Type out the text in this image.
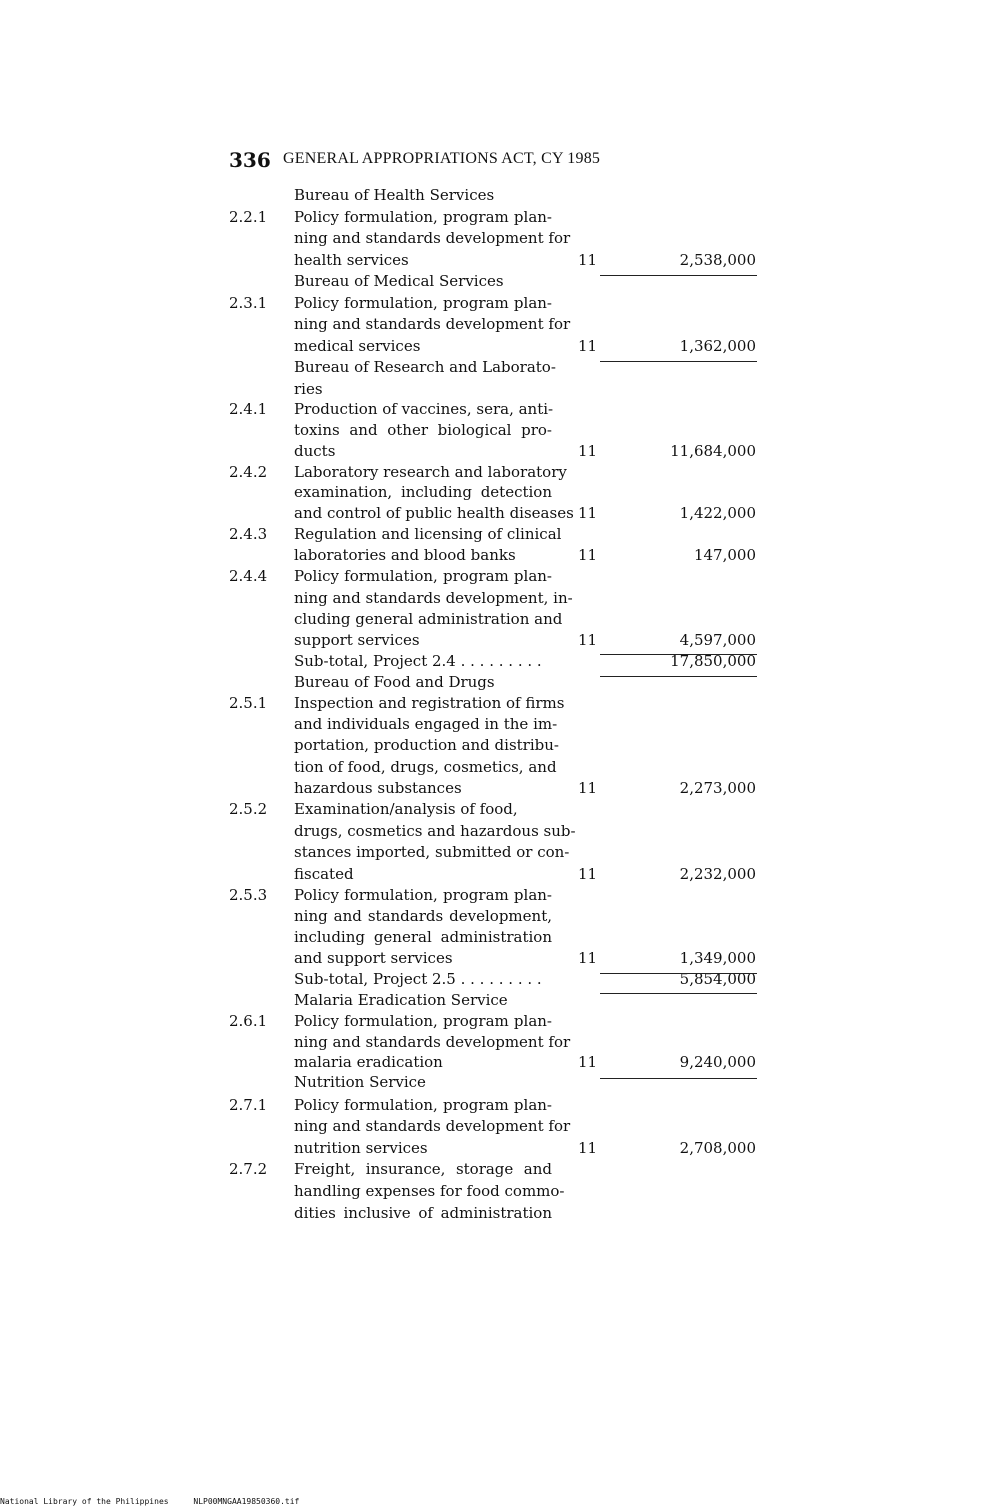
336 GENERAL APPROPRIATIONS ACT, CY 1985
Bureau of Health Services
2.2.1 Policy formulation, program plan-
ning and standards development for
health services	11	2,538,000
Bureau of Medical Services
2.3.1 Policy formulation, program plan-
ning and standards development for
medical services	11	1,362,000
Bureau of Research and Laborato-
ries
2.4.1 Production of vaccines, sera, anti-
toxins and other biological pro-
ducts	11	11,684,000
2.4.2 Laboratory research and laboratory
examination, including detection
and control of public health diseases 11	1,422,000
2.4.3 Regulation and licensing of clinical
laboratories and blood banks	11	147,000
2.4.4 Policy formulation, program plan-
ning and standards development, in-
cluding general administration and
support services	11	4,597,000
Sub-total, Project 2.4 . . . . . . . . .	17,850,000
Bureau of Food and Drugs
2.5.1 Inspection and registration of firms
and individuals engaged in the im-
portation, production and distribu-
tion of food, drugs, cosmetics, and
hazardous substances	11	2,273,000
2.5.2 Examination/analysis of food,
drugs, cosmetics and hazardous sub-
stances imported, submitted or con-
fiscated	11	2,232,000
2.5.3 Policy formulation, program plan-
ning and standards development,
including general administration
and support services	11	1,349,000
Sub-total, Project 2.5 . . . . . . . . .	5,854,000
Malaria Eradication Service
2.6.1 Policy formulation, program plan-
ning and standards development for
malaria eradication	11	9,240,000
Nutrition Service
2.7.1 Policy formulation, program plan-
ning and standards development for
nutrition services	11	2,708,000
2.7.2 Freight, insurance, storage and
handling expenses for food commo-
dities inclusive of administration
National Library of the Philippines	NLP00MNGAA19850360.tif
